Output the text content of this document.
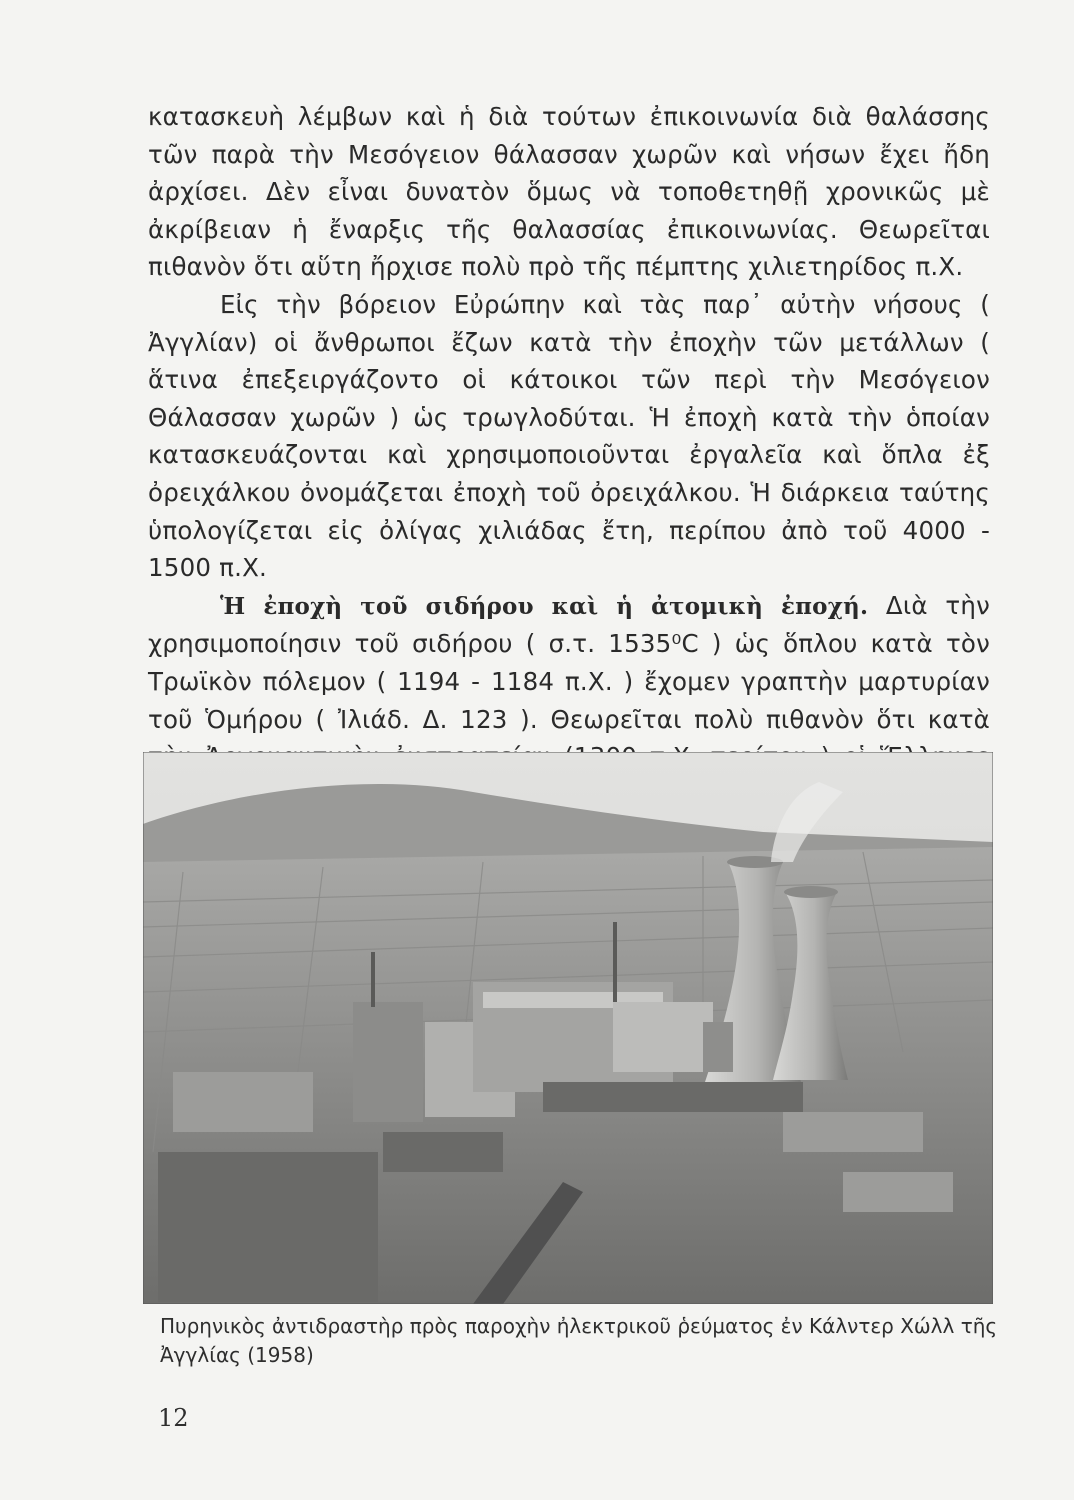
κατασκευὴ λέμβων καὶ ἡ διὰ τούτων ἐπικοινωνία διὰ θαλάσσης τῶν παρὰ τὴν Μεσόγειον θάλασσαν χωρῶν καὶ νήσων ἔχει ἤδη ἀρχίσει. Δὲν εἶναι δυνατὸν ὅμως νὰ τοποθετηθῇ χρονικῶς μὲ ἀκρίβειαν ἡ ἔναρξις τῆς θαλασσίας ἐπικοινωνίας. Θεωρεῖται πιθανὸν ὅτι αὕτη ἤρχισε πολὺ πρὸ τῆς πέμπτης χιλιετηρίδος π.Χ.

Εἰς τὴν βόρειον Εὐρώπην καὶ τὰς παρ᾽ αὐτὴν νήσους ( Ἀγγλίαν) οἱ ἄνθρωποι ἔζων κατὰ τὴν ἐποχὴν τῶν μετάλλων ( ἅτινα ἐπεξειργάζοντο οἱ κάτοικοι τῶν περὶ τὴν Μεσόγειον Θάλασσαν χωρῶν ) ὡς τρωγλοδύται. Ἡ ἐποχὴ κατὰ τὴν ὁποίαν κατασκευάζονται καὶ χρησιμοποιοῦνται ἐργαλεῖα καὶ ὅπλα ἐξ ὀρειχάλκου ὀνομάζεται ἐποχὴ τοῦ ὀρειχάλκου. Ἡ διάρκεια ταύτης ὑπολογίζεται εἰς ὀλίγας χιλιάδας ἔτη, περίπου ἀπὸ τοῦ 4000 - 1500 π.Χ.

Ἡ ἐποχὴ τοῦ σιδήρου καὶ ἡ ἀτομικὴ ἐποχή. Διὰ τὴν χρησιμοποίησιν τοῦ σιδήρου ( σ.τ. 1535⁰C ) ὡς ὅπλου κατὰ τὸν Τρωϊκὸν πόλεμον ( 1194 - 1184 π.Χ. ) ἔχομεν γραπτὴν μαρτυρίαν τοῦ Ὁμήρου ( Ἰλιάδ. Δ. 123 ). Θεωρεῖται πολὺ πιθανὸν ὅτι κατὰ

Πυρηνικὸς ἀντιδραστὴρ πρὸς παροχὴν ἠλεκτρικοῦ ῥεύματος ἐν Κάλντερ Χώλλ τῆς Ἀγγλίας (1958)
12
